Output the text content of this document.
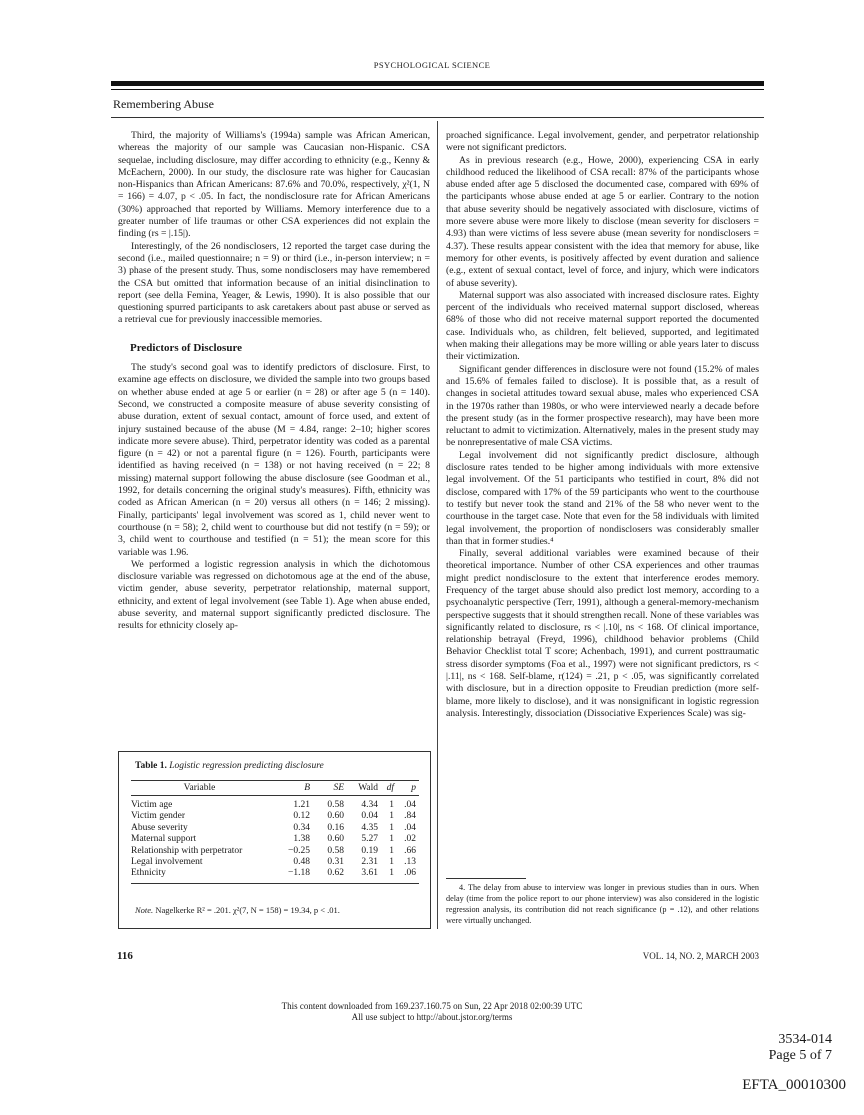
PSYCHOLOGICAL SCIENCE
Remembering Abuse

Third, the majority of Williams's (1994a) sample was African American, whereas the majority of our sample was Caucasian non-Hispanic. CSA sequelae, including disclosure, may differ according to ethnicity (e.g., Kenny & McEachern, 2000). In our study, the disclosure rate was higher for Caucasian non-Hispanics than African Americans: 87.6% and 70.0%, respectively, χ²(1, N = 166) = 4.07, p < .05. In fact, the nondisclosure rate for African Americans (30%) approached that reported by Williams. Memory interference due to a greater number of life traumas or other CSA experiences did not explain the finding (rs = |.15|).

Interestingly, of the 26 nondisclosers, 12 reported the target case during the second (i.e., mailed questionnaire; n = 9) or third (i.e., in-person interview; n = 3) phase of the present study. Thus, some nondisclosers may have remembered the CSA but omitted that information because of an initial disinclination to report (see della Femina, Yeager, & Lewis, 1990). It is also possible that our questioning spurred participants to ask caretakers about past abuse or served as a retrieval cue for previously inaccessible memories.

Predictors of Disclosure

The study's second goal was to identify predictors of disclosure. First, to examine age effects on disclosure, we divided the sample into two groups based on whether abuse ended at age 5 or earlier (n = 28) or after age 5 (n = 140). Second, we constructed a composite measure of abuse severity consisting of abuse duration, extent of sexual contact, amount of force used, and extent of injury sustained because of the abuse (M = 4.84, range: 2–10; higher scores indicate more severe abuse). Third, perpetrator identity was coded as a parental figure (n = 42) or not a parental figure (n = 126). Fourth, participants were identified as having received (n = 138) or not having received (n = 22; 8 missing) maternal support following the abuse disclosure (see Goodman et al., 1992, for details concerning the original study's measures). Fifth, ethnicity was coded as African American (n = 20) versus all others (n = 146; 2 missing). Finally, participants' legal involvement was scored as 1, child never went to courthouse (n = 58); 2, child went to courthouse but did not testify (n = 59); or 3, child went to courthouse and testified (n = 51); the mean score for this variable was 1.96.

We performed a logistic regression analysis in which the dichotomous disclosure variable was regressed on dichotomous age at the end of the abuse, victim gender, abuse severity, perpetrator relationship, maternal support, ethnicity, and extent of legal involvement (see Table 1). Age when abuse ended, abuse severity, and maternal support significantly predicted disclosure. The results for ethnicity closely ap-

Table 1. Logistic regression predicting disclosure
Variable	B	SE	Wald	df	p
Victim age	1.21	0.58	4.34	1	.04
Victim gender	0.12	0.60	0.04	1	.84
Abuse severity	0.34	0.16	4.35	1	.04
Maternal support	1.38	0.60	5.27	1	.02
Relationship with perpetrator	−0.25	0.58	0.19	1	.66
Legal involvement	0.48	0.31	2.31	1	.13
Ethnicity	−1.18	0.62	3.61	1	.06
Note. Nagelkerke R² = .201. χ²(7, N = 158) = 19.34, p < .01.

proached significance. Legal involvement, gender, and perpetrator relationship were not significant predictors.

As in previous research (e.g., Howe, 2000), experiencing CSA in early childhood reduced the likelihood of CSA recall: 87% of the participants whose abuse ended after age 5 disclosed the documented case, compared with 69% of the participants whose abuse ended at age 5 or earlier. Contrary to the notion that abuse severity should be negatively associated with disclosure, victims of more severe abuse were more likely to disclose (mean severity for disclosers = 4.93) than were victims of less severe abuse (mean severity for nondisclosers = 4.37). These results appear consistent with the idea that memory for abuse, like memory for other events, is positively affected by event duration and salience (e.g., extent of sexual contact, level of force, and injury, which were indicators of abuse severity).

Maternal support was also associated with increased disclosure rates. Eighty percent of the individuals who received maternal support disclosed, whereas 68% of those who did not receive maternal support reported the documented case. Individuals who, as children, felt believed, supported, and legitimated when making their allegations may be more willing or able years later to discuss their victimization.

Significant gender differences in disclosure were not found (15.2% of males and 15.6% of females failed to disclose). It is possible that, as a result of changes in societal attitudes toward sexual abuse, males who experienced CSA in the 1970s rather than 1980s, or who were interviewed nearly a decade before the present study (as in the former prospective research), may have been more reluctant to admit to victimization. Alternatively, males in the present study may be nonrepresentative of male CSA victims.

Legal involvement did not significantly predict disclosure, although disclosure rates tended to be higher among individuals with more extensive legal involvement. Of the 51 participants who testified in court, 8% did not disclose, compared with 17% of the 59 participants who went to the courthouse to testify but never took the stand and 21% of the 58 who never went to the courthouse in the target case. Note that even for the 58 individuals with limited legal involvement, the proportion of nondisclosers was considerably smaller than that in former studies.⁴

Finally, several additional variables were examined because of their theoretical importance. Number of other CSA experiences and other traumas might predict nondisclosure to the extent that interference erodes memory. Frequency of the target abuse should also predict lost memory, according to a psychoanalytic perspective (Terr, 1991), although a general-memory-mechanism perspective suggests that it should strengthen recall. None of these variables was significantly related to disclosure, rs < |.10|, ns < 168. Of clinical importance, relationship betrayal (Freyd, 1996), childhood behavior problems (Child Behavior Checklist total T score; Achenbach, 1991), and current posttraumatic stress disorder symptoms (Foa et al., 1997) were not significant predictors, rs < |.11|, ns < 168. Self-blame, r(124) = .21, p < .05, was significantly correlated with disclosure, but in a direction opposite to Freudian prediction (more self-blame, more likely to disclose), and it was nonsignificant in logistic regression analysis. Interestingly, dissociation (Dissociative Experiences Scale) was sig-

4. The delay from abuse to interview was longer in previous studies than in ours. When delay (time from the police report to our phone interview) was also considered in the logistic regression analysis, its contribution did not reach significance (p = .12), and other relations were virtually unchanged.

116	VOL. 14, NO. 2, MARCH 2003
This content downloaded from 169.237.160.75 on Sun, 22 Apr 2018 02:00:39 UTC
All use subject to http://about.jstor.org/terms
3534-014
Page 5 of 7
EFTA_00010300
